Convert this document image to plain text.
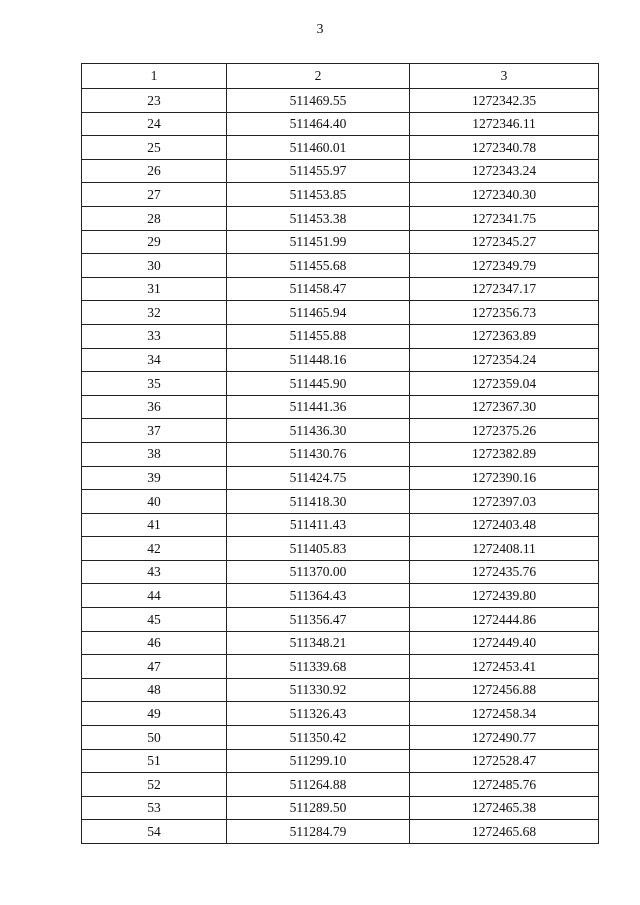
3
1	2	3
23	511469.55	1272342.35
24	511464.40	1272346.11
25	511460.01	1272340.78
26	511455.97	1272343.24
27	511453.85	1272340.30
28	511453.38	1272341.75
29	511451.99	1272345.27
30	511455.68	1272349.79
31	511458.47	1272347.17
32	511465.94	1272356.73
33	511455.88	1272363.89
34	511448.16	1272354.24
35	511445.90	1272359.04
36	511441.36	1272367.30
37	511436.30	1272375.26
38	511430.76	1272382.89
39	511424.75	1272390.16
40	511418.30	1272397.03
41	511411.43	1272403.48
42	511405.83	1272408.11
43	511370.00	1272435.76
44	511364.43	1272439.80
45	511356.47	1272444.86
46	511348.21	1272449.40
47	511339.68	1272453.41
48	511330.92	1272456.88
49	511326.43	1272458.34
50	511350.42	1272490.77
51	511299.10	1272528.47
52	511264.88	1272485.76
53	511289.50	1272465.38
54	511284.79	1272465.68
